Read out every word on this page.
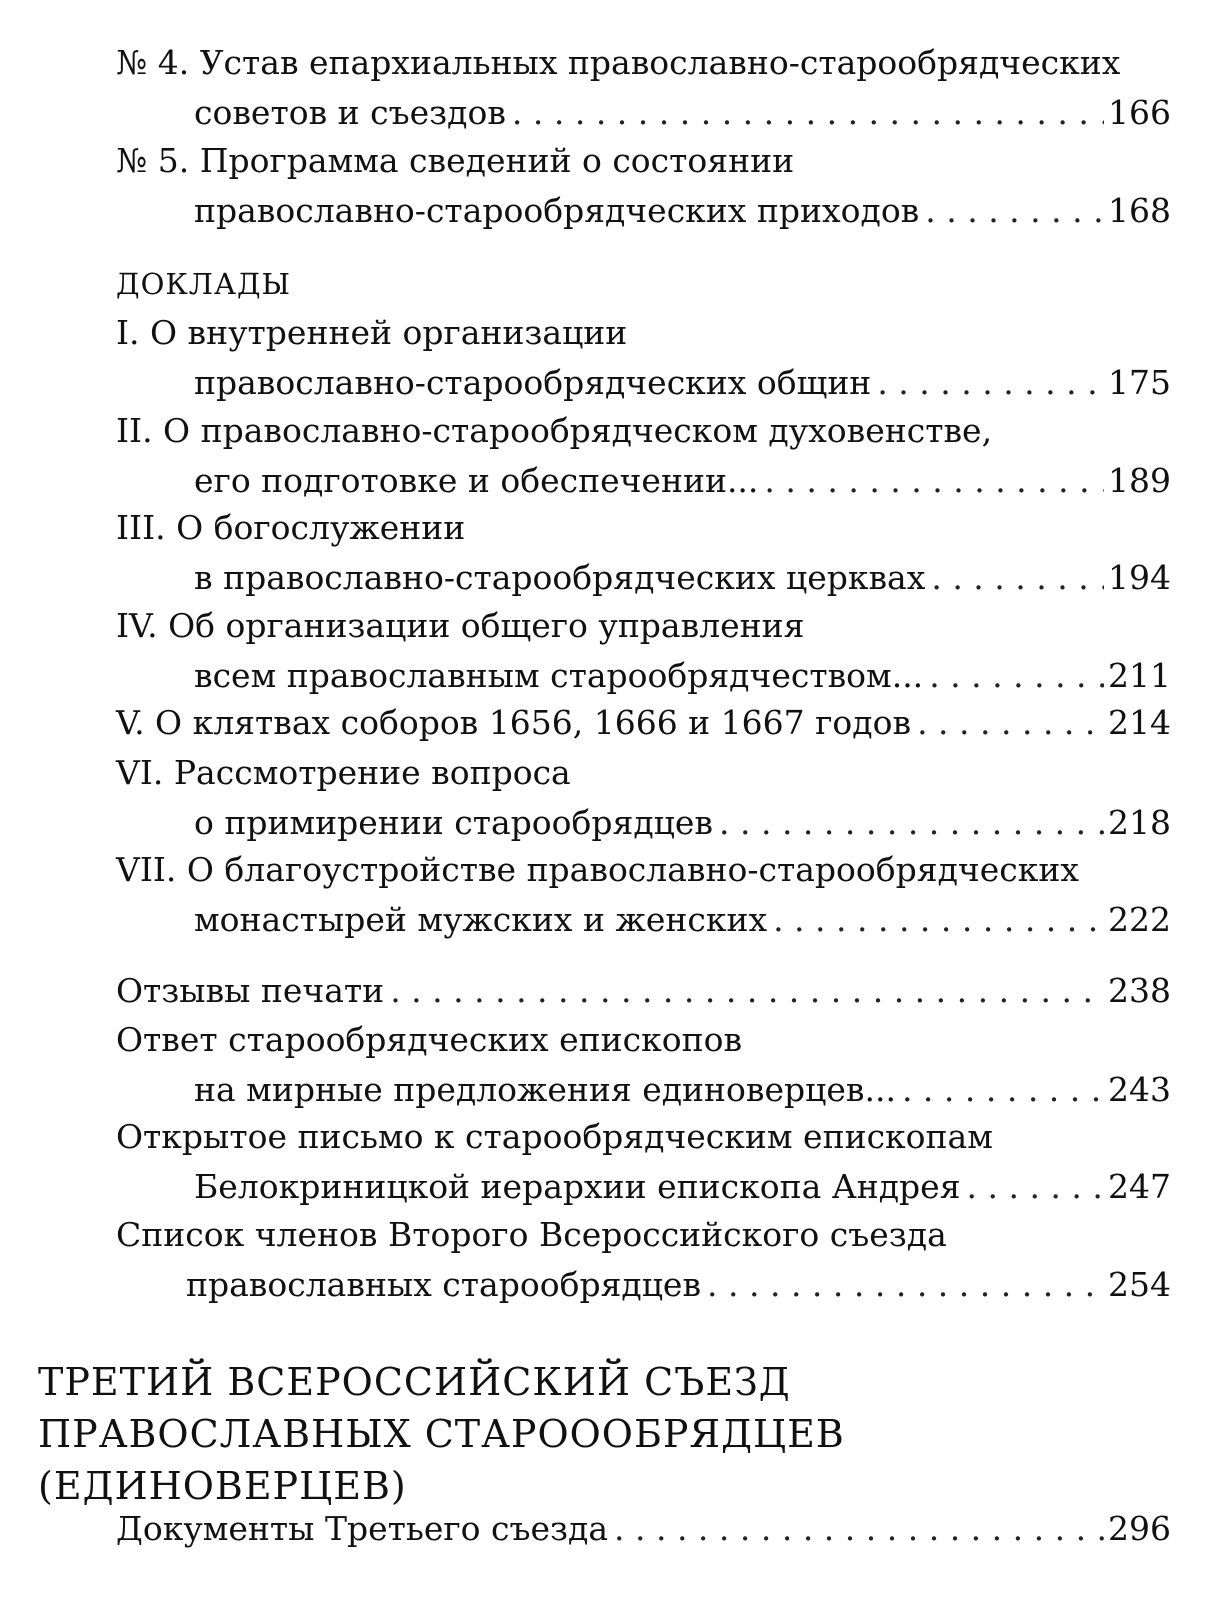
№ 4. Устав епархиальных православно-старообрядческих
советов и съездов . . .	166
№ 5. Программа сведений о состоянии
православно-старообрядческих приходов . . .	168
ДОКЛАДЫ
I. О внутренней организации
православно-старообрядческих общин . . .	175
II. О православно-старообрядческом духовенстве,
его подготовке и обеспечении... . . .	189
III. О богослужении
в православно-старообрядческих церквах . . .	194
IV. Об организации общего управления
всем православным старообрядчеством... . . .	211
V. О клятвах соборов 1656, 1666 и 1667 годов . . .	214
VI. Рассмотрение вопроса
о примирении старообрядцев . . .	218
VII. О благоустройстве православно-старообрядческих
монастырей мужских и женских . . .	222
Отзывы печати . . .	238
Ответ старообрядческих епископов
на мирные предложения единоверцев... . . .	243
Открытое письмо к старообрядческим епископам
Белокриницкой иерархии епископа Андрея . . .	247
Список членов Второго Всероссийского съезда
православных старообрядцев . . .	254
ТРЕТИЙ ВСЕРОССИЙСКИЙ СЪЕЗД
ПРАВОСЛАВНЫХ СТАРОООБРЯДЦЕВ (ЕДИНОВЕРЦЕВ)
Документы Третьего съезда . . .	296
